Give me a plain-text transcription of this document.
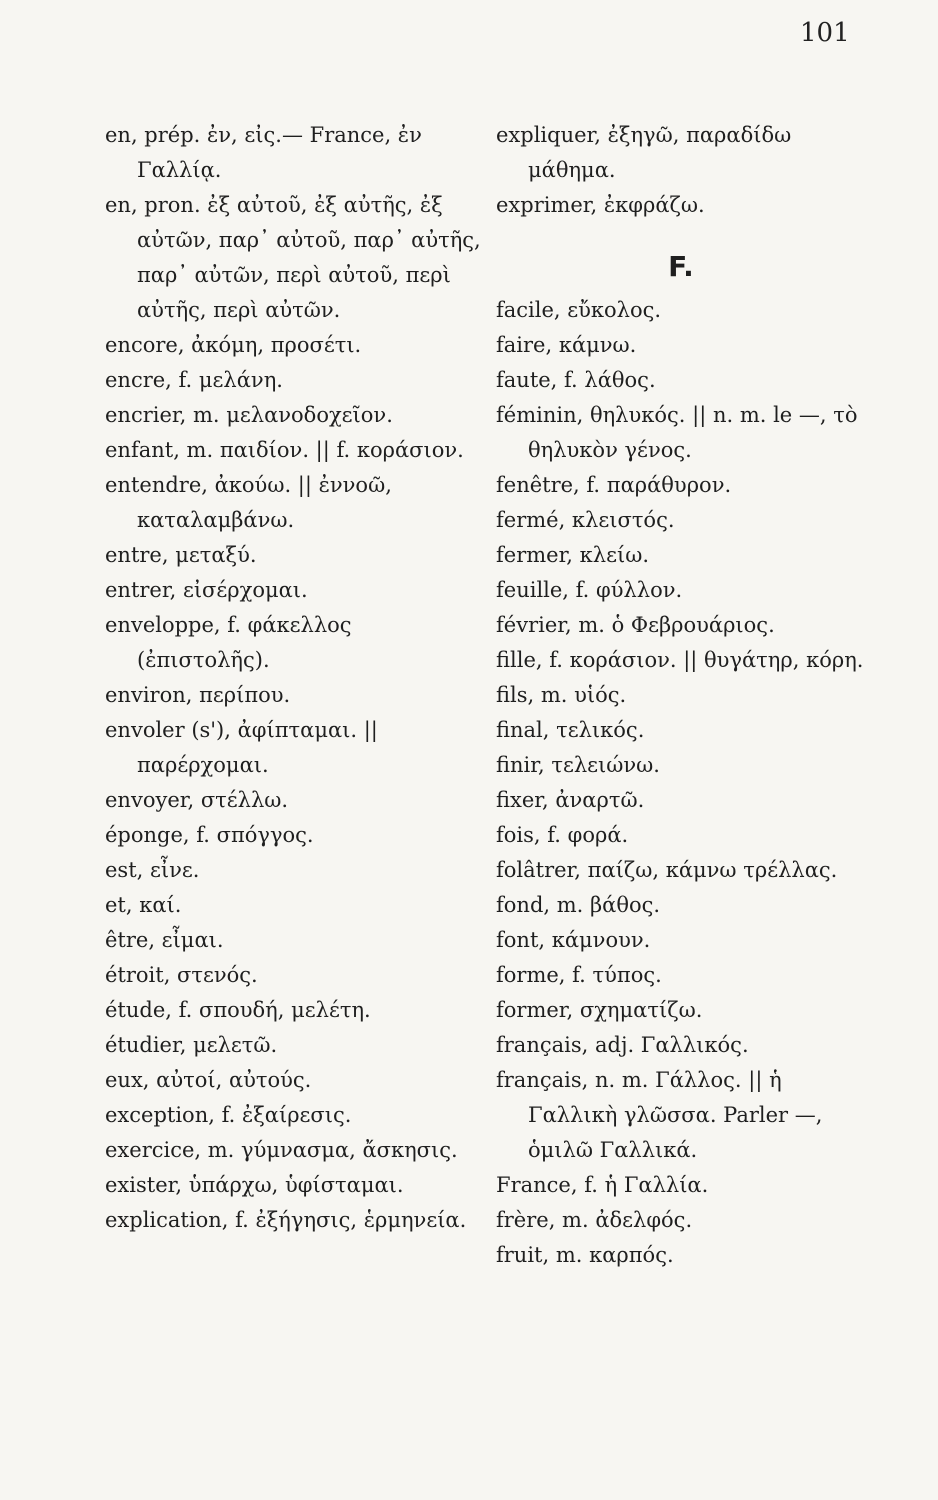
101
en, prép. ἐν, εἰς.— France, ἐν Γαλλίᾳ.
en, pron. ἐξ αὐτοῦ, ἐξ αὐτῆς, ἐξ αὐτῶν, παρ᾽ αὐτοῦ, παρ᾽ αὐτῆς, παρ᾽ αὐτῶν, περὶ αὐτοῦ, περὶ αὐτῆς, περὶ αὐτῶν.
encore, ἀκόμη, προσέτι.
encre, f. μελάνη.
encrier, m. μελανοδοχεῖον.
enfant, m. παιδίον. || f. κοράσιον.
entendre, ἀκούω. || ἐννοῶ, καταλαμβάνω.
entre, μεταξύ.
entrer, εἰσέρχομαι.
enveloppe, f. φάκελλος (ἐπιστολῆς).
environ, περίπου.
envoler (s'), ἀφίπταμαι. || παρέρχομαι.
envoyer, στέλλω.
éponge, f. σπόγγος.
est, εἶνε.
et, καί.
être, εἶμαι.
étroit, στενός.
étude, f. σπουδή, μελέτη.
étudier, μελετῶ.
eux, αὐτοί, αὐτούς.
exception, f. ἐξαίρεσις.
exercice, m. γύμνασμα, ἄσκησις.
exister, ὑπάρχω, ὑφίσταμαι.
explication, f. ἐξήγησις, ἑρμηνεία.
expliquer, ἐξηγῶ, παραδίδω μάθημα.
exprimer, ἐκφράζω.
F.
facile, εὔκολος.
faire, κάμνω.
faute, f. λάθος.
féminin, θηλυκός. || n. m. le —, τὸ θηλυκὸν γένος.
fenêtre, f. παράθυρον.
fermé, κλειστός.
fermer, κλείω.
feuille, f. φύλλον.
février, m. ὁ Φεβρουάριος.
fille, f. κοράσιον. || θυγάτηρ, κόρη.
fils, m. υἱός.
final, τελικός.
finir, τελειώνω.
fixer, ἀναρτῶ.
fois, f. φορά.
folâtrer, παίζω, κάμνω τρέλλας.
fond, m. βάθος.
font, κάμνουν.
forme, f. τύπος.
former, σχηματίζω.
français, adj. Γαλλικός.
français, n. m. Γάλλος. || ἡ Γαλλικὴ γλῶσσα. Parler —, ὁμιλῶ Γαλλικά.
France, f. ἡ Γαλλία.
frère, m. ἀδελφός.
fruit, m. καρπός.
